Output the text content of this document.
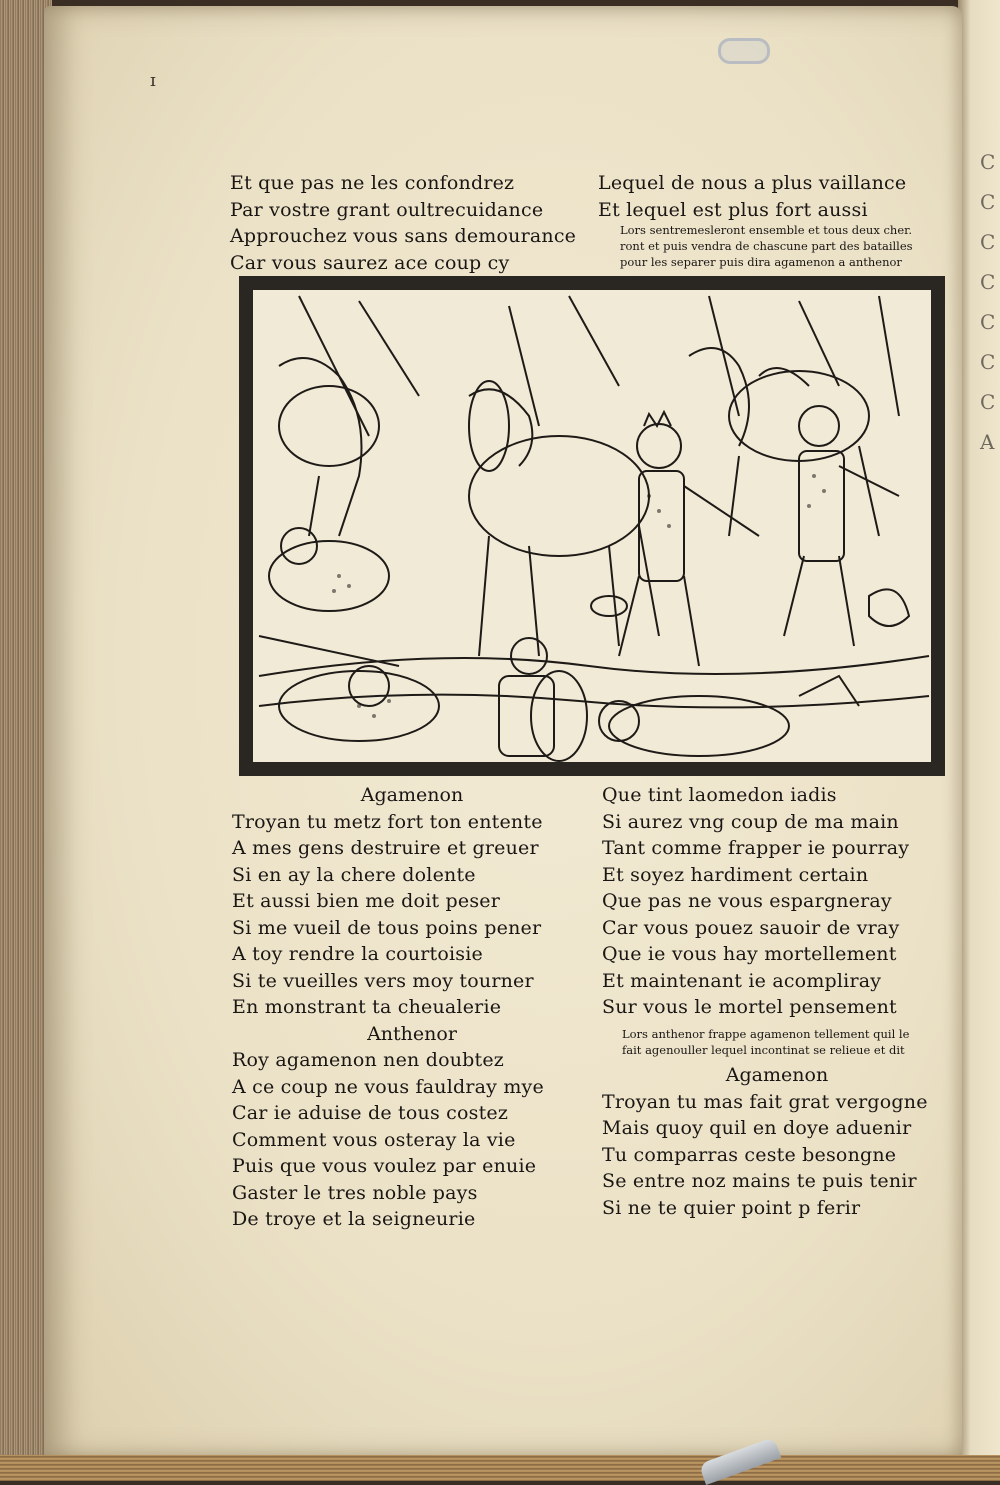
C
C
C
C
C
C
C
A
ɪ
Et que pas ne les confondrez
Par vostre grant oultrecuidance
Approuchez vous sans demourance
Car vous saurez ace coup cy
Lequel de nous a plus vaillance
Et lequel est plus fort aussi
Lors sentremesleront ensemble et tous deux cher.
ront et puis vendra de chascune part des batailles
pour les separer puis dira agamenon a anthenor
Agamenon
Troyan tu metz fort ton entente
A mes gens destruire et greuer
Si en ay la chere dolente
Et aussi bien me doit peser
Si me vueil de tous poins pener
A toy rendre la courtoisie
Si te vueilles vers moy tourner
En monstrant ta cheualerie
Anthenor
Roy agamenon nen doubtez
A ce coup ne vous fauldray mye
Car ie aduise de tous costez
Comment vous osteray la vie
Puis que vous voulez par enuie
Gaster le tres noble pays
De troye et la seigneurie
Que tint laomedon iadis
Si aurez vng coup de ma main
Tant comme frapper ie pourray
Et soyez hardiment certain
Que pas ne vous espargneray
Car vous pouez sauoir de vray
Que ie vous hay mortellement
Et maintenant ie acompliray
Sur vous le mortel pensement
Lors anthenor frappe agamenon tellement quil le
fait agenouller lequel incontinat se relieue et dit
Agamenon
Troyan tu mas fait grat vergogne
Mais quoy quil en doye aduenir
Tu comparras ceste besongne
Se entre noz mains te puis tenir
Si ne te quier point p ferir
